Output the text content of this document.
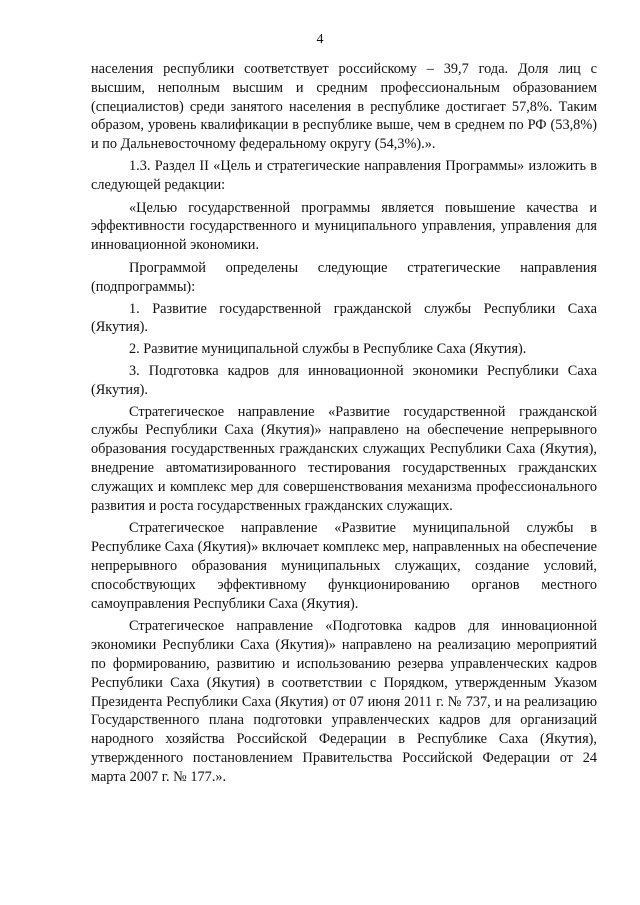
4

населения республики соответствует российскому – 39,7 года. Доля лиц с высшим, неполным высшим и средним профессиональным образованием (специалистов) среди занятого населения в республике достигает 57,8%. Таким образом, уровень квалификации в республике выше, чем в среднем по РФ (53,8%) и по Дальневосточному федеральному округу (54,3%).».

1.3. Раздел II «Цель и стратегические направления Программы» изложить в следующей редакции:

«Целью государственной программы является повышение качества и эффективности государственного и муниципального управления, управления для инновационной экономики.

Программой определены следующие стратегические направления (подпрограммы):

1. Развитие государственной гражданской службы Республики Саха (Якутия).

2. Развитие муниципальной службы в Республике Саха (Якутия).

3. Подготовка кадров для инновационной экономики Республики Саха (Якутия).

Стратегическое направление «Развитие государственной гражданской службы Республики Саха (Якутия)» направлено на обеспечение непрерывного образования государственных гражданских служащих Республики Саха (Якутия), внедрение автоматизированного тестирования государственных гражданских служащих и комплекс мер для совершенствования механизма профессионального развития и роста государственных гражданских служащих.

Стратегическое направление «Развитие муниципальной службы в Республике Саха (Якутия)» включает комплекс мер, направленных на обеспечение непрерывного образования муниципальных служащих, создание условий, способствующих эффективному функционированию органов местного самоуправления Республики Саха (Якутия).

Стратегическое направление «Подготовка кадров для инновационной экономики Республики Саха (Якутия)» направлено на реализацию мероприятий по формированию, развитию и использованию резерва управленческих кадров Республики Саха (Якутия) в соответствии с Порядком, утвержденным Указом Президента Республики Саха (Якутия) от 07 июня 2011 г. № 737, и на реализацию Государственного плана подготовки управленческих кадров для организаций народного хозяйства Российской Федерации в Республике Саха (Якутия), утвержденного постановлением Правительства Российской Федерации от 24 марта 2007 г. № 177.».
